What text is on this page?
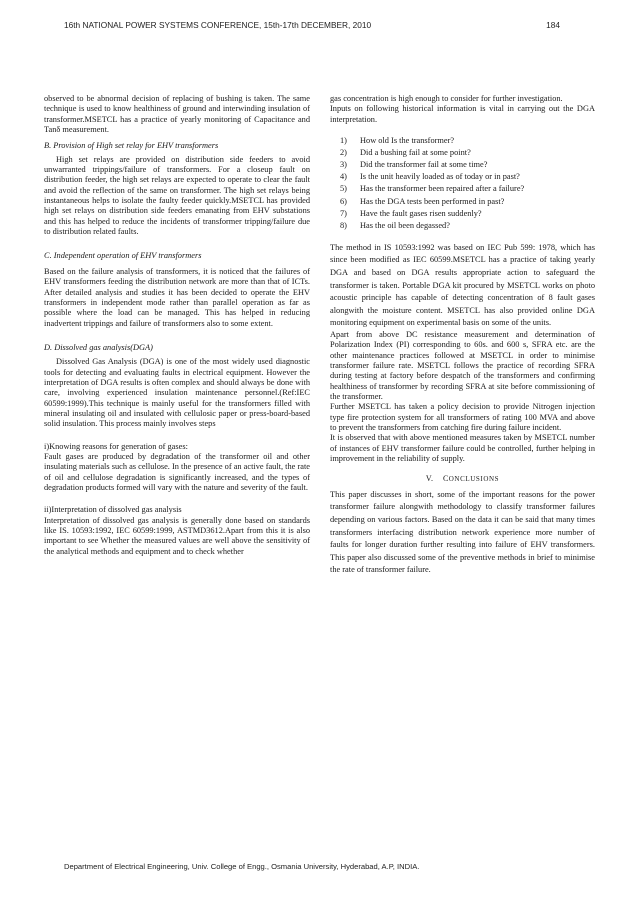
16th NATIONAL POWER SYSTEMS CONFERENCE, 15th-17th DECEMBER, 2010	184

observed to be abnormal decision of replacing of bushing is taken. The same technique is used to know healthiness of ground and interwinding insulation of transformer.MSETCL has a practice of yearly monitoring of Capacitance and Tanδ measurement.

B. Provision of High set relay for EHV transformers

High set relays are provided on distribution side feeders to avoid unwarranted trippings/failure of transformers. For a closeup fault on distribution feeder, the high set relays are expected to operate to clear the fault and avoid the reflection of the same on transformer. The high set relays being instantaneous helps to isolate the faulty feeder quickly.MSETCL has provided high set relays on distribution side feeders emanating from EHV substations and this has helped to reduce the incidents of transformer tripping/failure due to distribution related faults.

C. Independent operation of EHV transformers

Based on the failure analysis of transformers, it is noticed that the failures of EHV transformers feeding the distribution network are more than that of ICTs. After detailed analysis and studies it has been decided to operate the EHV transformers in independent mode rather than parallel operation as far as possible where the load can be managed. This has helped in reducing inadvertent trippings and failure of transformers also to some extent.

D. Dissolved gas analysis(DGA)

Dissolved Gas Analysis (DGA) is one of the most widely used diagnostic tools for detecting and evaluating faults in electrical equipment. However the interpretation of DGA results is often complex and should always be done with care, involving experienced insulation maintenance personnel.(Ref:IEC 60599:1999).This technique is mainly useful for the transformers filled with mineral insulating oil and insulated with cellulosic paper or press-board-based solid insulation. This process mainly involves steps

i)Knowing reasons for generation of gases:

Fault gases are produced by degradation of the transformer oil and other insulating materials such as cellulose. In the presence of an active fault, the rate of oil and cellulose degradation is significantly increased, and the types of degradation products formed will vary with the nature and severity of the fault.

ii)Interpretation of dissolved gas analysis

Interpretation of dissolved gas analysis is generally done based on standards like IS. 10593:1992, IEC 60599:1999, ASTMD3612.Apart from this it is also important to see Whether the measured values are well above the sensitivity of the analytical methods and equipment and to check whether

gas concentration is high enough to consider for further investigation.

Inputs on following historical information is vital in carrying out the DGA interpretation.

1) How old Is the transformer?
2) Did a bushing fail at some point?
3) Did the transformer fail at some time?
4) Is the unit heavily loaded as of today or in past?
5) Has the transformer been repaired after a failure?
6) Has the DGA tests been performed in past?
7) Have the fault gases risen suddenly?
8) Has the oil been degassed?

The method in IS 10593:1992 was based on IEC Pub 599: 1978, which has since been modified as IEC 60599.MSETCL has a practice of taking yearly DGA and based on DGA results appropriate action to safeguard the transformer is taken. Portable DGA kit procured by MSETCL works on photo acoustic principle has capable of detecting concentration of 8 fault gases alongwith the moisture content. MSETCL has also provided online DGA monitoring equipment on experimental basis on some of the units.

Apart from above DC resistance measurement and determination of Polarization Index (PI) corresponding to 60s. and 600 s, SFRA etc. are the other maintenance practices followed at MSETCL in order to minimise transformer failure rate. MSETCL follows the practice of recording SFRA during testing at factory before despatch of the transformers and confirming healthiness of transformer by recording SFRA at site before commissioning of the transformer.

Further MSETCL has taken a policy decision to provide Nitrogen injection type fire protection system for all transformers of rating 100 MVA and above to prevent the transformers from catching fire during failure incident.

It is observed that with above mentioned measures taken by MSETCL number of instances of EHV transformer failure could be controlled, further helping in improvement in the reliability of supply.

V. CONCLUSIONS

This paper discusses in short, some of the important reasons for the power transformer failure alongwith methodology to classify transformer failures depending on various factors. Based on the data it can be said that many times transformers interfacing distribution network experience more number of faults for longer duration further resulting into failure of EHV transformers. This paper also discussed some of the preventive methods in brief to minimise the rate of transformer failure.

Department of Electrical Engineering, Univ. College of Engg., Osmania University, Hyderabad, A.P, INDIA.
